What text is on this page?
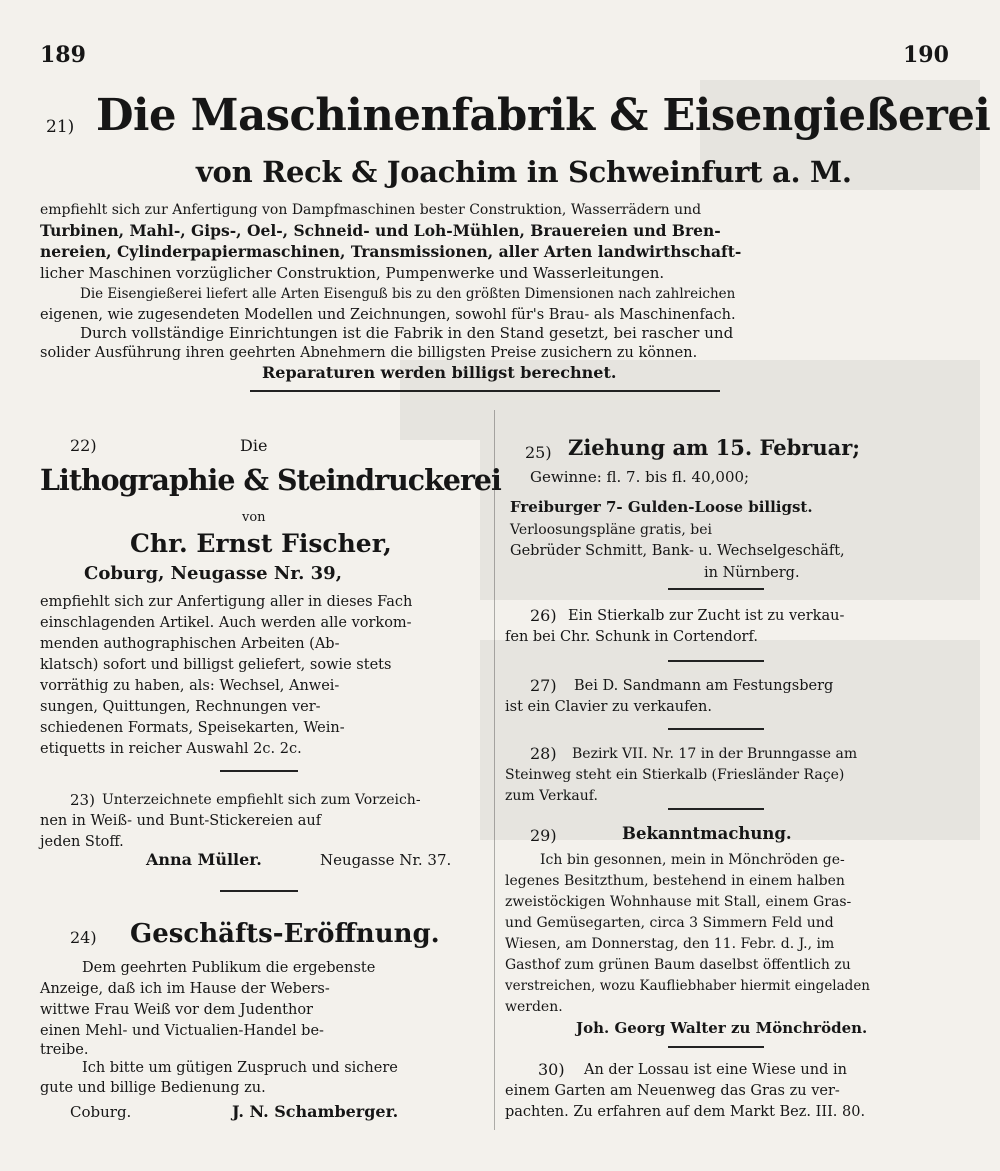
189	190
21) Die Maschinenfabrik & Eisengießerei
von Reck & Joachim in Schweinfurt a. M.
empfiehlt sich zur Anfertigung von Dampfmaschinen bester Construktion, Wasserrädern und
Turbinen, Mahl-, Gips-, Oel-, Schneid- und Loh-Mühlen, Brauereien und Bren-
nereien, Cylinderpapiermaschinen, Transmissionen, aller Arten landwirthschaft-
licher Maschinen vorzüglicher Construktion, Pumpenwerke und Wasserleitungen.
Die Eisengießerei liefert alle Arten Eisenguß bis zu den größten Dimensionen nach zahlreichen
eigenen, wie zugesendeten Modellen und Zeichnungen, sowohl für's Brau- als Maschinenfach.
Durch vollständige Einrichtungen ist die Fabrik in den Stand gesetzt, bei rascher und
solider Ausführung ihren geehrten Abnehmern die billigsten Preise zusichern zu können.
Reparaturen werden billigst berechnet.
22)	Die
Lithographie & Steindruckerei
von
Chr. Ernst Fischer,
Coburg, Neugasse Nr. 39,
empfiehlt sich zur Anfertigung aller in dieses Fach
einschlagenden Artikel. Auch werden alle vorkom-
menden authographischen Arbeiten (Ab-
klatsch) sofort und billigst geliefert, sowie stets
vorräthig zu haben, als: Wechsel, Anwei-
sungen, Quittungen, Rechnungen ver-
schiedenen Formats, Speisekarten, Wein-
etiquetts in reicher Auswahl 2c. 2c.
23) Unterzeichnete empfiehlt sich zum Vorzeich-
nen in Weiß- und Bunt-Stickereien auf
jeden Stoff.
Anna Müller.	Neugasse Nr. 37.
24) Geschäfts-Eröffnung.
Dem geehrten Publikum die ergebenste
Anzeige, daß ich im Hause der Webers-
wittwe Frau Weiß vor dem Judenthor
einen Mehl- und Victualien-Handel be-
treibe.
Ich bitte um gütigen Zuspruch und sichere
gute und billige Bedienung zu.
Coburg.	J. N. Schamberger.
25) Ziehung am 15. Februar;
Gewinne: fl. 7. bis fl. 40,000;
Freiburger 7- Gulden-Loose billigst.
Verloosungspläne gratis, bei
Gebrüder Schmitt, Bank- u. Wechselgeschäft,
in Nürnberg.
26) Ein Stierkalb zur Zucht ist zu verkau-
fen bei Chr. Schunk in Cortendorf.
27) Bei D. Sandmann am Festungsberg
ist ein Clavier zu verkaufen.
28) Bezirk VII. Nr. 17 in der Brunngasse am
Steinweg steht ein Stierkalb (Friesländer Raçe)
zum Verkauf.
29)	Bekanntmachung.
Ich bin gesonnen, mein in Mönchröden ge-
legenes Besitzthum, bestehend in einem halben
zweistöckigen Wohnhause mit Stall, einem Gras-
und Gemüsegarten, circa 3 Simmern Feld und
Wiesen, am Donnerstag, den 11. Febr. d. J., im
Gasthof zum grünen Baum daselbst öffentlich zu
verstreichen, wozu Kaufliebhaber hiermit eingeladen
werden.
Joh. Georg Walter zu Mönchröden.
30) An der Lossau ist eine Wiese und in
einem Garten am Neuenweg das Gras zu ver-
pachten. Zu erfahren auf dem Markt Bez. III. 80.
